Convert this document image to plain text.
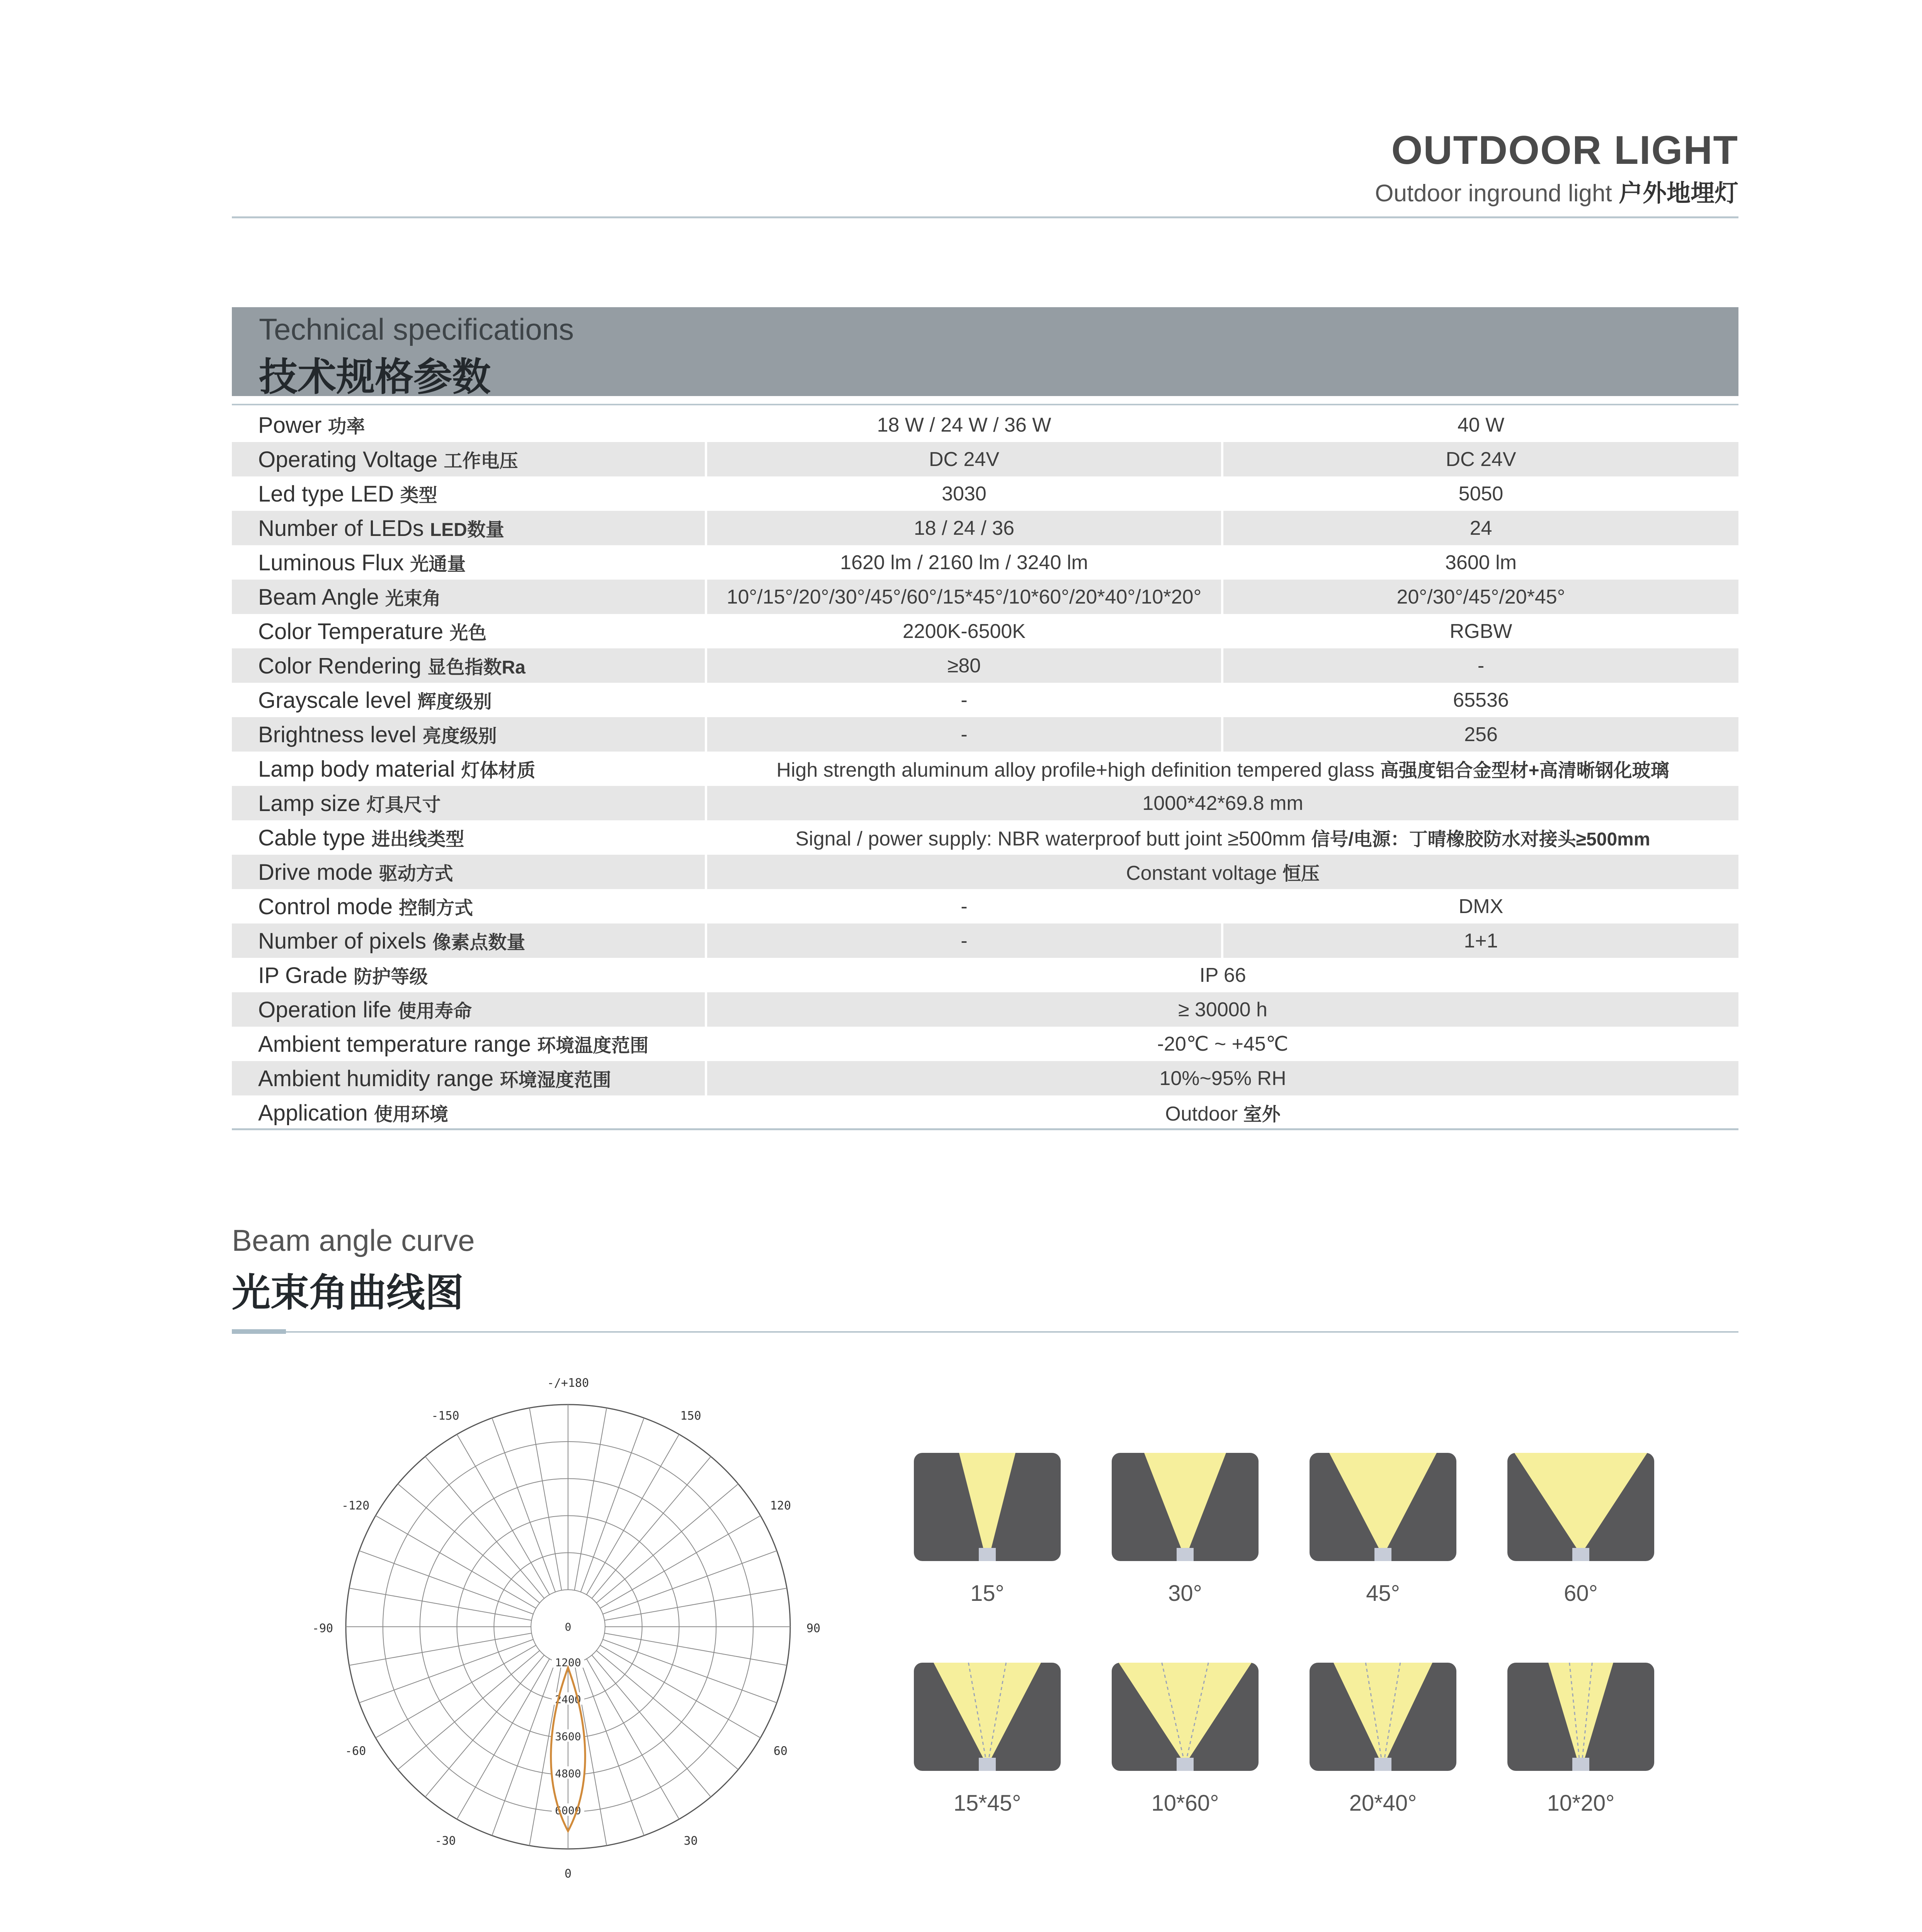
OUTDOOR LIGHT
Outdoor inground light 户外地埋灯
Technical specifications
技术规格参数
Power 功率	18 W / 24 W / 36 W	40 W
Operating Voltage 工作电压	DC 24V	DC 24V
Led type LED 类型	3030	5050
Number of LEDs LED数量	18 / 24 / 36	24
Luminous Flux 光通量	1620 lm / 2160 lm / 3240 lm	3600 lm
Beam Angle 光束角	10°/15°/20°/30°/45°/60°/15*45°/10*60°/20*40°/10*20°	20°/30°/45°/20*45°
Color Temperature 光色	2200K-6500K	RGBW
Color Rendering 显色指数Ra	≥80	-
Grayscale level 辉度级别	-	65536
Brightness level 亮度级别	-	256
Lamp body material 灯体材质	High strength aluminum alloy profile+high definition tempered glass 高强度铝合金型材+高清晰钢化玻璃	
Lamp size 灯具尺寸	1000*42*69.8 mm	
Cable type 进出线类型	Signal / power supply: NBR waterproof butt joint ≥500mm 信号/电源：丁晴橡胶防水对接头≥500mm	
Drive mode 驱动方式	Constant voltage 恒压	
Control mode 控制方式	-	DMX
Number of pixels 像素点数量	-	1+1
IP Grade 防护等级	IP 66	
Operation life 使用寿命	≥ 30000 h	
Ambient temperature range 环境温度范围	-20℃ ~ +45℃	
Ambient humidity range 环境湿度范围	10%~95% RH	
Application 使用环境	Outdoor 室外	
Beam angle curve
光束角曲线图
-/+180
150
120
90
60
30
0
-30
-60
-90
-120
-150
0
1200
2400
3600
4800
6000
15°	30°	45°	60°
15*45°	10*60°	20*40°	10*20°
